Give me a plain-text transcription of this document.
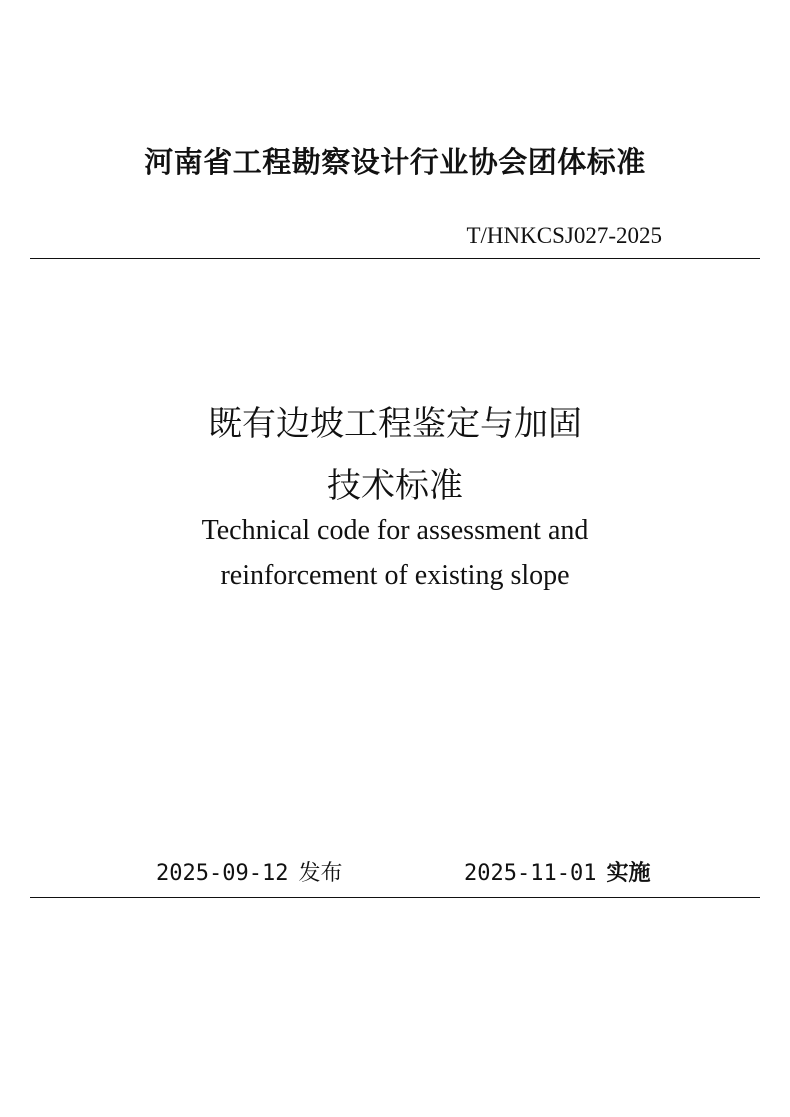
河南省工程勘察设计行业协会团体标准
T/HNKCSJ027-2025
既有边坡工程鉴定与加固
技术标准
Technical code for assessment and
reinforcement of existing slope
2025-09-12 发布	2025-11-01 实施
